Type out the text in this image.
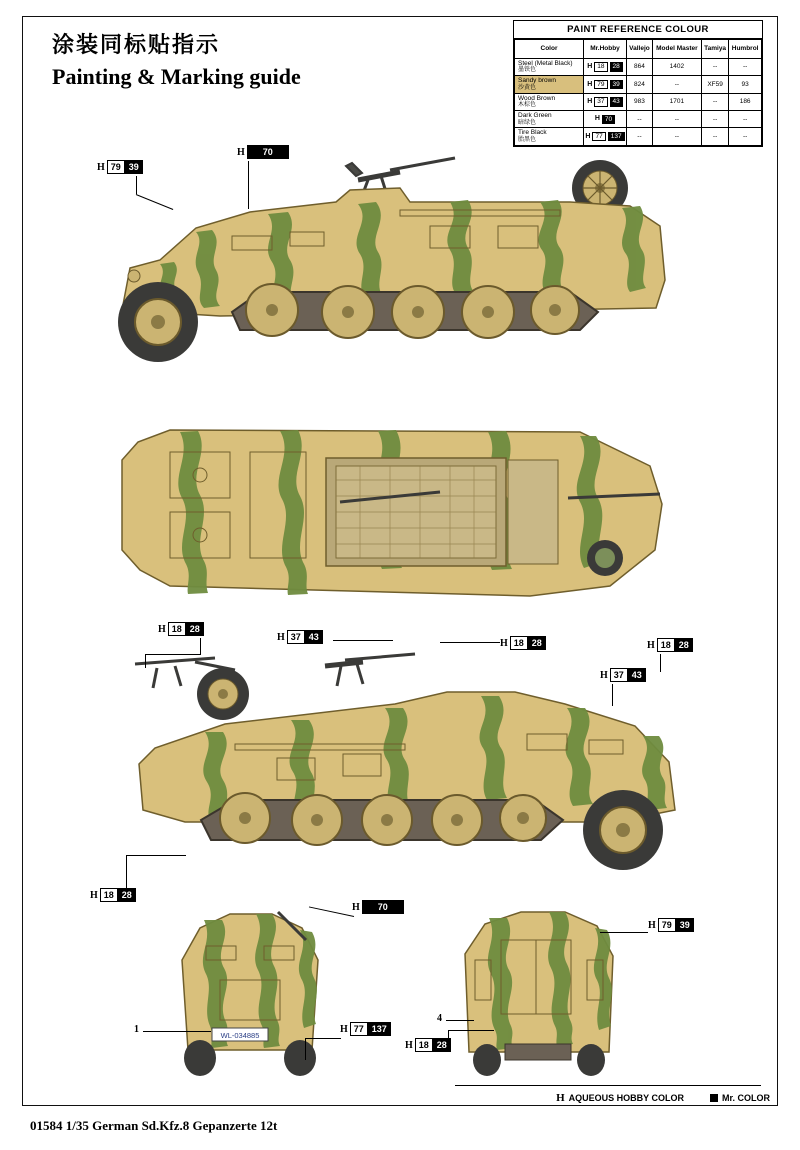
涂装同标贴指示
Painting & Marking guide
PAINT REFERENCE COLOUR
Color	Mr.Hobby	Vallejo	Model Master	Tamiya	Humbrol
Steel (Metal Black)
墨铁色	H 18 28	864	1402	--	--
Sandy brown
沙黄色	H 79 39	824	--	XF59	93
Wood Brown
木棕色	H 37 43	983	1701	--	186
Dark Green
暗绿色	H 70	--	--	--	--
Tire Black
胎黑色	H 77 137	--	--	--	--
WL-034885
H 79 39
H	70
H 18 28
H 37 43
H 18 28	H 18 28
H 37 43
H 18 28
H	70
H 77 137
H 79 39
H 18 28
1
4
H AQUEOUS HOBBY COLOR	Mr. COLOR
01584 1/35 German Sd.Kfz.8 Gepanzerte 12t
